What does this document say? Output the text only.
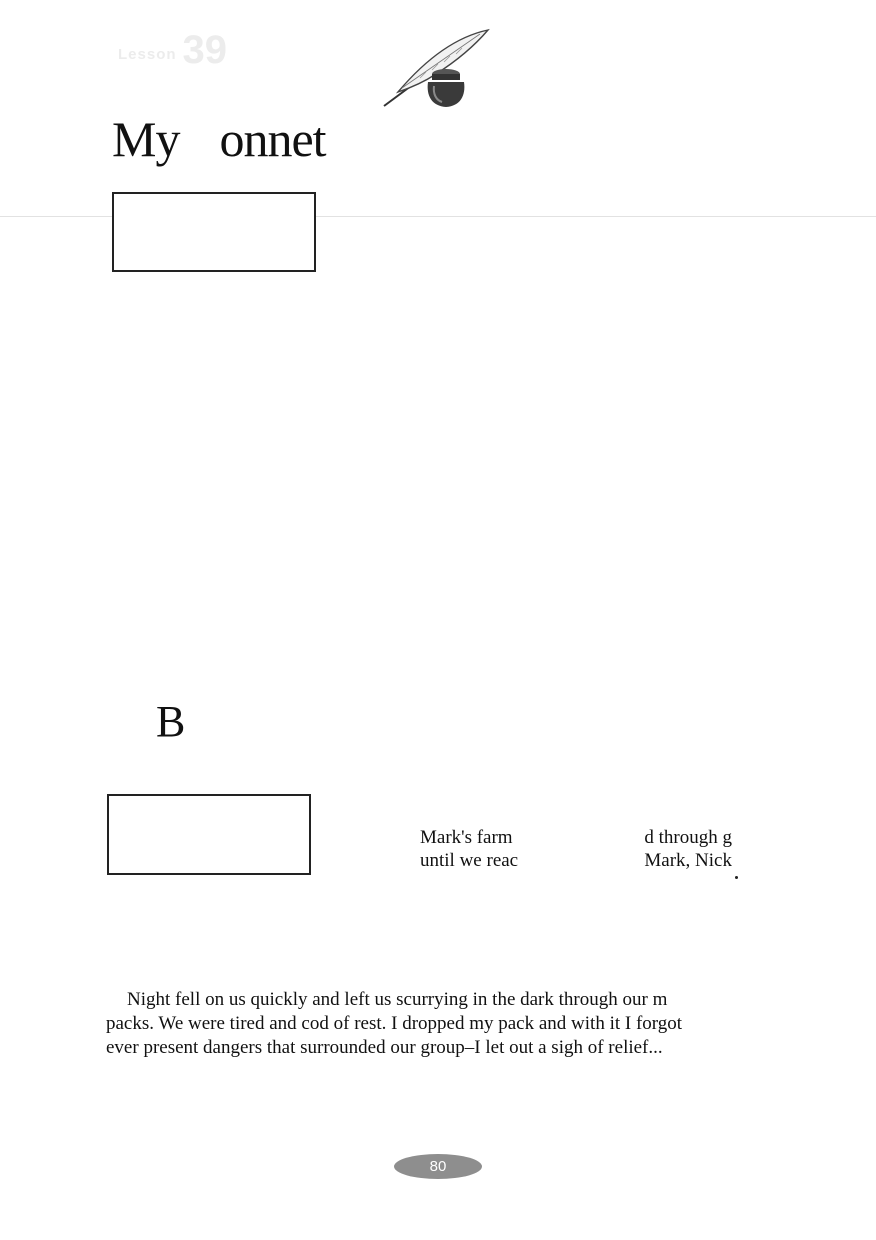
Lesson 39
My onnet
B
Mark's farm
until we reac
d through g
Mark, Nick
Night fell on us quickly and left us scurrying in the dark through our m
packs. We were tired and cod of rest. I dropped my pack and with it I forgot
ever present dangers that surrounded our group–I let out a sigh of relief...
80
